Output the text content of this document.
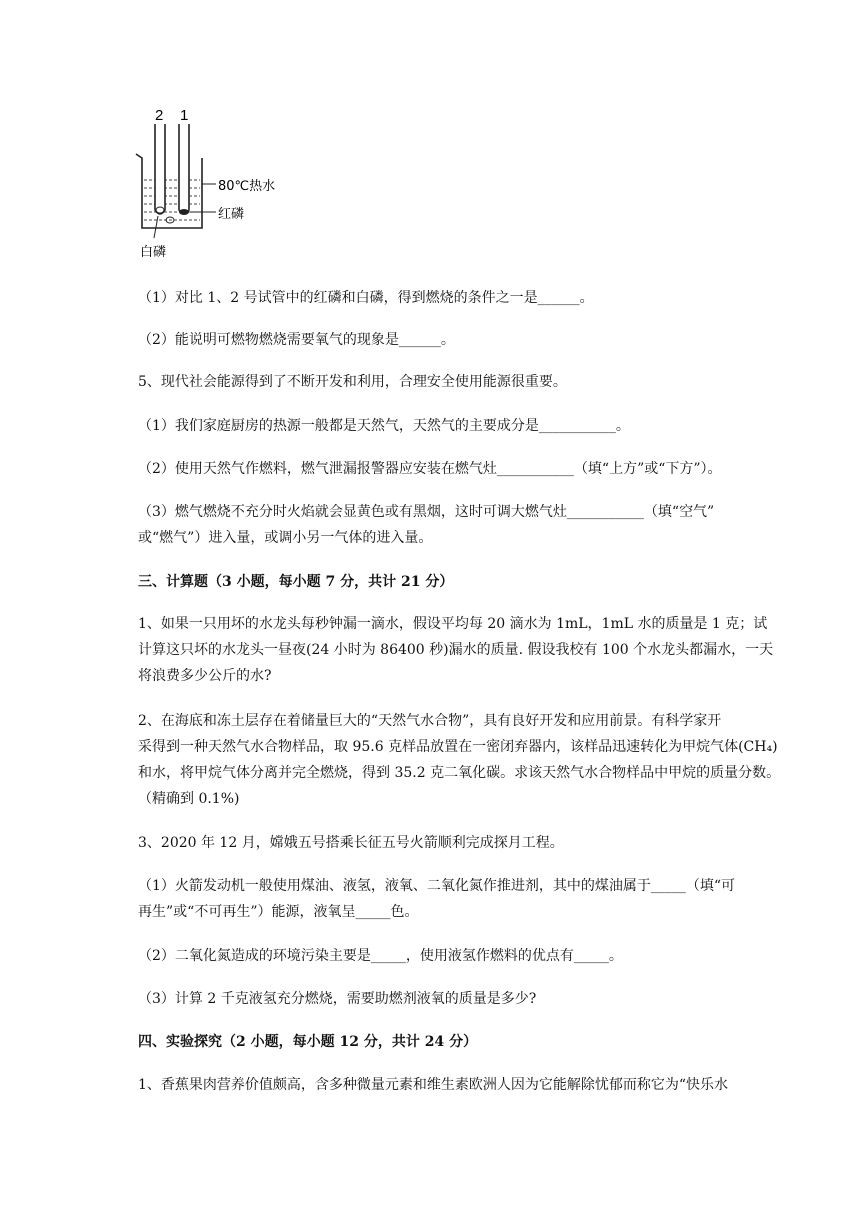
2 1
80℃热水
红磷
白磷
（1）对比 1、2 号试管中的红磷和白磷，得到燃烧的条件之一是______。
（2）能说明可燃物燃烧需要氧气的现象是______。
5、现代社会能源得到了不断开发和利用，合理安全使用能源很重要。
（1）我们家庭厨房的热源一般都是天然气，天然气的主要成分是___________。
（2）使用天然气作燃料，燃气泄漏报警器应安装在燃气灶___________（填“上方”或“下方”）。
（3）燃气燃烧不充分时火焰就会显黄色或有黑烟，这时可调大燃气灶___________（填“空气”
或“燃气”）进入量，或调小另一气体的进入量。
三、计算题（3 小题，每小题 7 分，共计 21 分）
1、如果一只用坏的水龙头每秒钟漏一滴水，假设平均每 20 滴水为 1mL，1mL 水的质量是 1 克；试
计算这只坏的水龙头一昼夜(24 小时为 86400 秒)漏水的质量. 假设我校有 100 个水龙头都漏水，一天
将浪费多少公斤的水?
2、在海底和冻土层存在着储量巨大的“天然气水合物”，具有良好开发和应用前景。有科学家开
采得到一种天然气水合物样品，取 95.6 克样品放置在一密闭弃器内，该样品迅速转化为甲烷气体(CH₄)
和水，将甲烷气体分离并完全燃烧，得到 35.2 克二氧化碳。求该天然气水合物样品中甲烷的质量分数。
（精确到 0.1%)
3、2020 年 12 月，嫦娥五号搭乘长征五号火箭顺利完成探月工程。
（1）火箭发动机一般使用煤油、液氢，液氧、二氧化氮作推进剂，其中的煤油属于_____（填“可
再生”或“不可再生”）能源，液氧呈_____色。
（2）二氧化氮造成的环境污染主要是_____，使用液氢作燃料的优点有_____。
（3）计算 2 千克液氢充分燃烧，需要助燃剂液氧的质量是多少?
四、实验探究（2 小题，每小题 12 分，共计 24 分）
1、香蕉果肉营养价值颇高，含多种微量元素和维生素欧洲人因为它能解除忧郁而称它为“快乐水
